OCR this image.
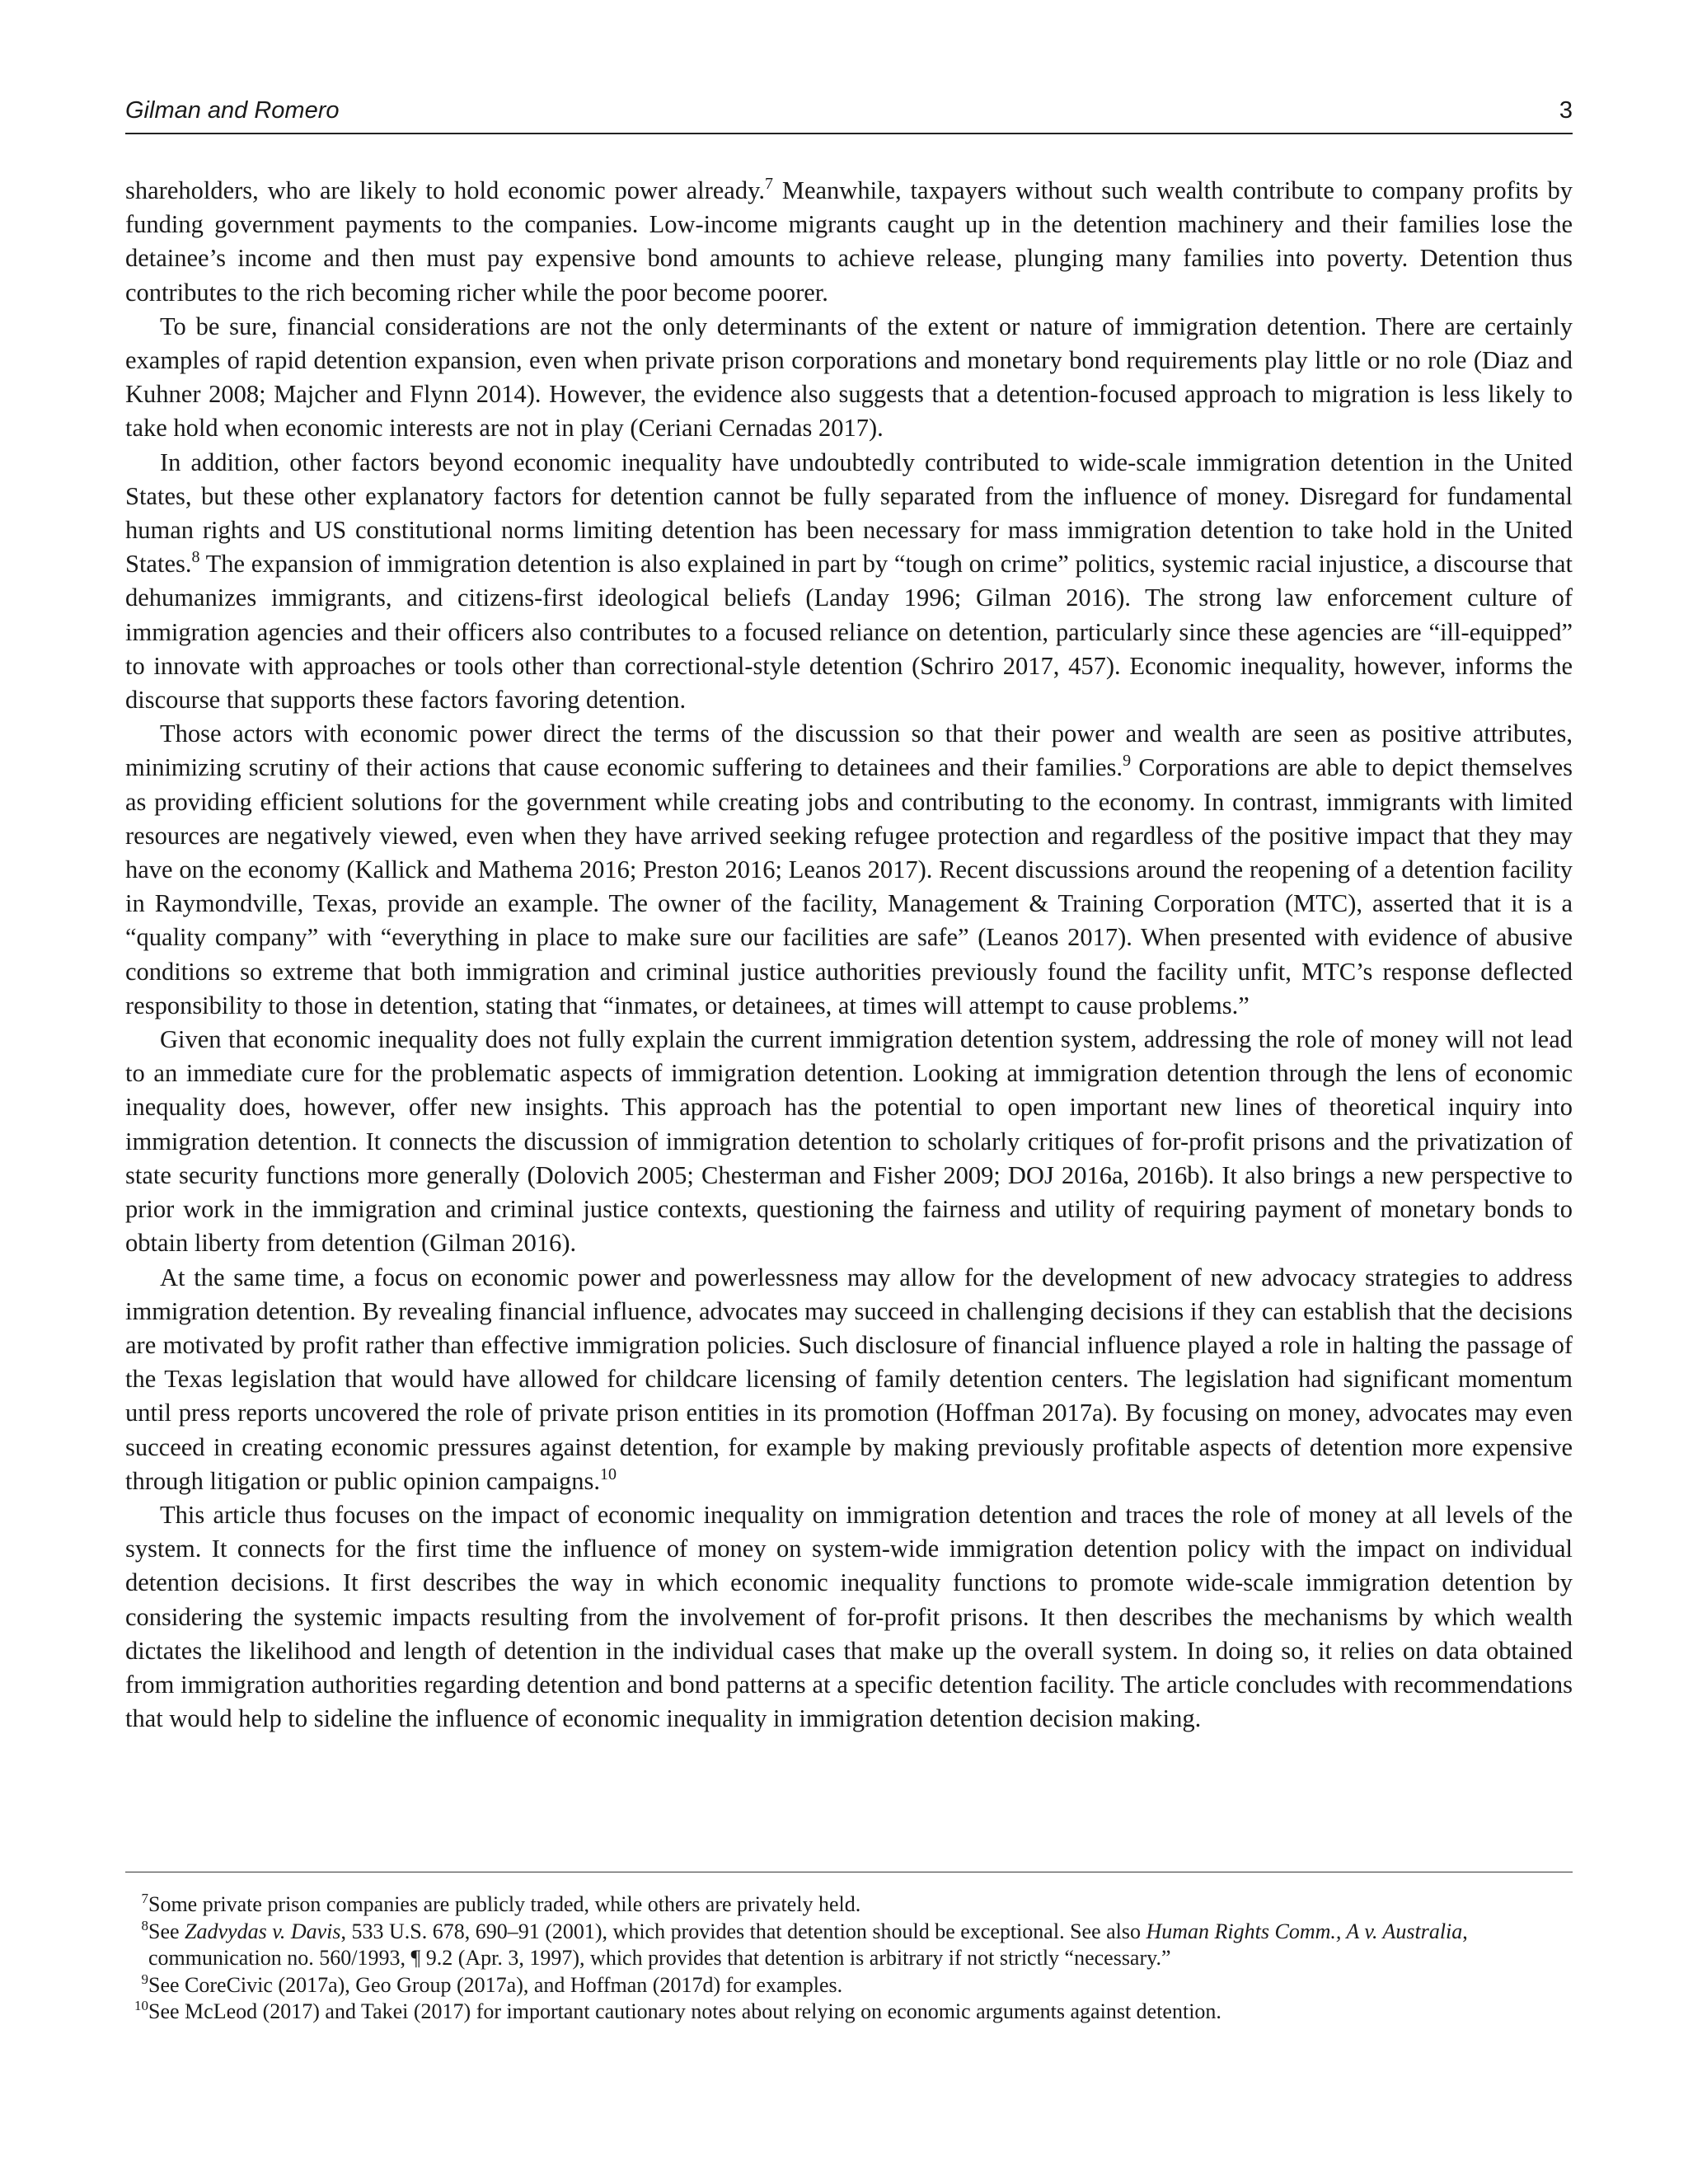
Gilman and Romero	3

shareholders, who are likely to hold economic power already.$^7$ Meanwhile, taxpayers without such wealth contribute to company profits by funding government payments to the companies. Low-income migrants caught up in the detention machinery and their families lose the detainee’s income and then must pay expensive bond amounts to achieve release, plunging many families into poverty. Detention thus contributes to the rich becoming richer while the poor become poorer.

To be sure, financial considerations are not the only determinants of the extent or nature of immigration detention. There are certainly examples of rapid detention expansion, even when private prison corporations and monetary bond requirements play little or no role (Diaz and Kuhner 2008; Majcher and Flynn 2014). However, the evidence also suggests that a detention-focused approach to migration is less likely to take hold when economic interests are not in play (Ceriani Cernadas 2017).

In addition, other factors beyond economic inequality have undoubtedly contributed to wide-scale immigration detention in the United States, but these other explanatory factors for detention cannot be fully separated from the influence of money. Disregard for fundamental human rights and US constitutional norms limiting detention has been necessary for mass immigration detention to take hold in the United States.$^8$ The expansion of immigration detention is also explained in part by “tough on crime” politics, systemic racial injustice, a discourse that dehumanizes immigrants, and citizens-first ideological beliefs (Landay 1996; Gilman 2016). The strong law enforcement culture of immigration agencies and their officers also contributes to a focused reliance on detention, particularly since these agencies are “ill-equipped” to innovate with approaches or tools other than correctional-style detention (Schriro 2017, 457). Economic inequality, however, informs the discourse that supports these factors favoring detention.

Those actors with economic power direct the terms of the discussion so that their power and wealth are seen as positive attributes, minimizing scrutiny of their actions that cause economic suffering to detainees and their families.$^9$ Corporations are able to depict themselves as providing efficient solutions for the government while creating jobs and contributing to the economy. In contrast, immigrants with limited resources are negatively viewed, even when they have arrived seeking refugee protection and regardless of the positive impact that they may have on the economy (Kallick and Mathema 2016; Preston 2016; Leanos 2017). Recent discussions around the reopening of a detention facility in Raymondville, Texas, provide an example. The owner of the facility, Management & Training Corporation (MTC), asserted that it is a “quality company” with “everything in place to make sure our facilities are safe” (Leanos 2017). When presented with evidence of abusive conditions so extreme that both immigration and criminal justice authorities previously found the facility unfit, MTC’s response deflected responsibility to those in detention, stating that “inmates, or detainees, at times will attempt to cause problems.”

Given that economic inequality does not fully explain the current immigration detention system, addressing the role of money will not lead to an immediate cure for the problematic aspects of immigration detention. Looking at immigration detention through the lens of economic inequality does, however, offer new insights. This approach has the potential to open important new lines of theoretical inquiry into immigration detention. It connects the discussion of immigration detention to scholarly critiques of for-profit prisons and the privatization of state security functions more generally (Dolovich 2005; Chesterman and Fisher 2009; DOJ 2016a, 2016b). It also brings a new perspective to prior work in the immigration and criminal justice contexts, questioning the fairness and utility of requiring payment of monetary bonds to obtain liberty from detention (Gilman 2016).

At the same time, a focus on economic power and powerlessness may allow for the development of new advocacy strategies to address immigration detention. By revealing financial influence, advocates may succeed in challenging decisions if they can establish that the decisions are motivated by profit rather than effective immigration policies. Such disclosure of financial influence played a role in halting the passage of the Texas legislation that would have allowed for childcare licensing of family detention centers. The legislation had significant momentum until press reports uncovered the role of private prison entities in its promotion (Hoffman 2017a). By focusing on money, advocates may even succeed in creating economic pressures against detention, for example by making previously profitable aspects of detention more expensive through litigation or public opinion campaigns.$^{10}$

This article thus focuses on the impact of economic inequality on immigration detention and traces the role of money at all levels of the system. It connects for the first time the influence of money on system-wide immigration detention policy with the impact on individual detention decisions. It first describes the way in which economic inequality functions to promote wide-scale immigration detention by considering the systemic impacts resulting from the involvement of for-profit prisons. It then describes the mechanisms by which wealth dictates the likelihood and length of detention in the individual cases that make up the overall system. In doing so, it relies on data obtained from immigration authorities regarding detention and bond patterns at a specific detention facility. The article concludes with recommendations that would help to sideline the influence of economic inequality in immigration detention decision making.

$^7$Some private prison companies are publicly traded, while others are privately held.
$^8$See Zadvydas v. Davis, 533 U.S. 678, 690–91 (2001), which provides that detention should be exceptional. See also Human Rights Comm., A v. Australia, communication no. 560/1993, ¶ 9.2 (Apr. 3, 1997), which provides that detention is arbitrary if not strictly “necessary.”
$^9$See CoreCivic (2017a), Geo Group (2017a), and Hoffman (2017d) for examples.
$^{10}$See McLeod (2017) and Takei (2017) for important cautionary notes about relying on economic arguments against detention.
